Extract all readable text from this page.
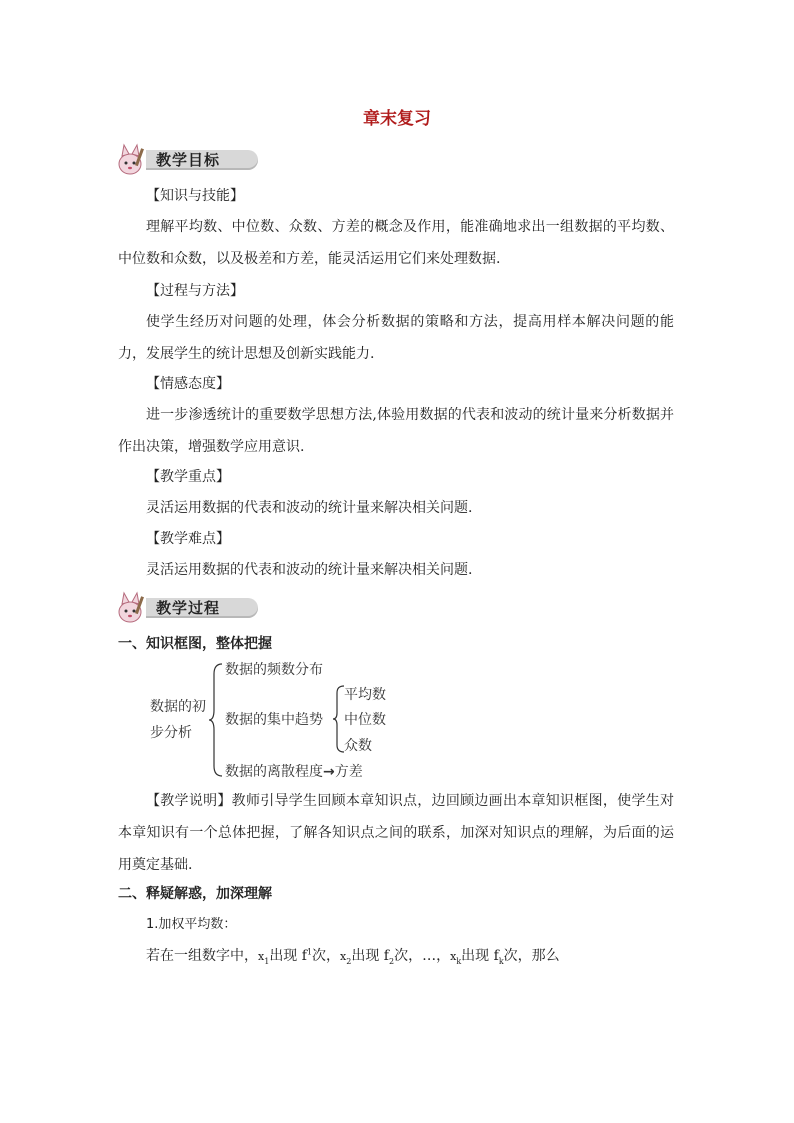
章末复习
教学目标
【知识与技能】
理解平均数、中位数、众数、方差的概念及作用，能准确地求出一组数据的平均数、中位数和众数，以及极差和方差，能灵活运用它们来处理数据.
【过程与方法】
使学生经历对问题的处理，体会分析数据的策略和方法，提高用样本解决问题的能力，发展学生的统计思想及创新实践能力.
【情感态度】
进一步渗透统计的重要数学思想方法,体验用数据的代表和波动的统计量来分析数据并作出决策，增强数学应用意识.
【教学重点】
灵活运用数据的代表和波动的统计量来解决相关问题.
【教学难点】
灵活运用数据的代表和波动的统计量来解决相关问题.
教学过程
一、知识框图，整体把握
数据的初
步分析
数据的频数分布
数据的集中趋势
平均数
中位数
众数
数据的离散程度→方差
【教学说明】教师引导学生回顾本章知识点，边回顾边画出本章知识框图，使学生对本章知识有一个总体把握，了解各知识点之间的联系，加深对知识点的理解，为后面的运用奠定基础.
二、释疑解惑，加深理解
1.加权平均数：
若在一组数字中，$x_1$出现 $f^1$次，$x_2$出现 $f_2$次，…，$x_k$出现 $f_k$次，那么
